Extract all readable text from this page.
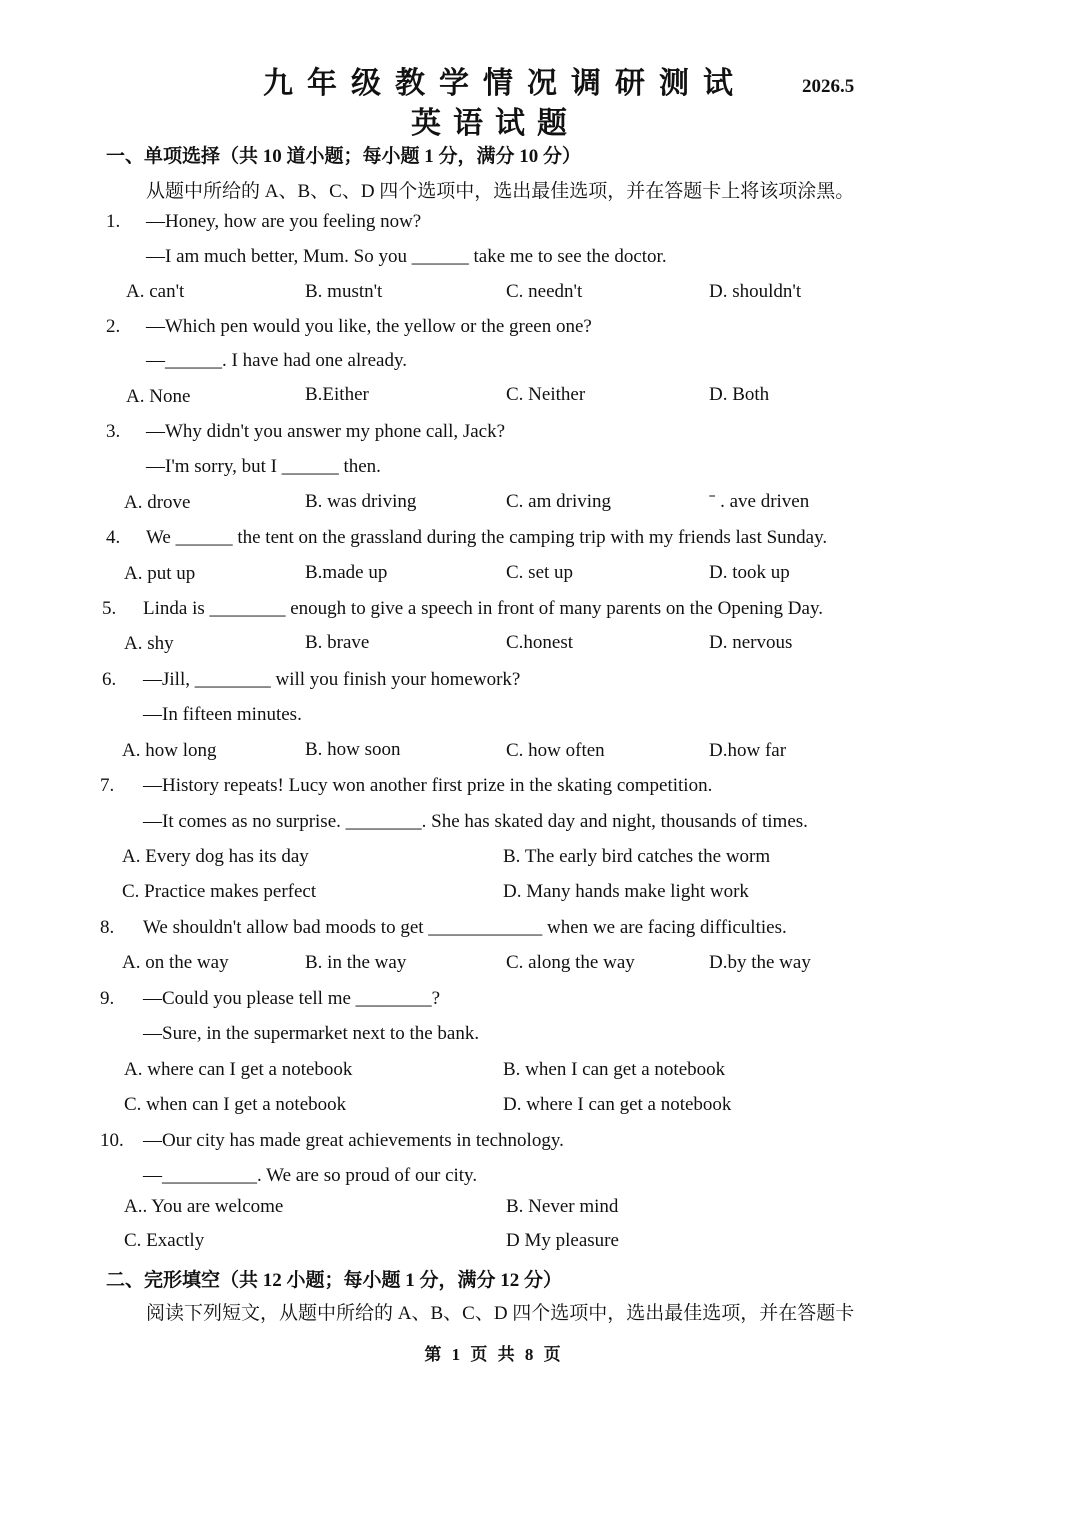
九年级教学情况调研测试
英语试题
2026.5
一、单项选择（共 10 道小题；每小题 1 分，满分 10 分）
从题中所给的 A、B、C、D 四个选项中，选出最佳选项，并在答题卡上将该项涂黑。
1. —Honey, how are you feeling now?
—I am much better, Mum. So you ______ take me to see the doctor.
A. can't	B. mustn't	C. needn't	D. shouldn't
2. —Which pen would you like, the yellow or the green one?
—______. I have had one already.
A. None	B.Either	C. Neither	D. Both
3. —Why didn't you answer my phone call, Jack?
—I'm sorry, but I ______ then.
A. drove	B. was driving	C. am driving	ˉ . ave driven
4. We ______ the tent on the grassland during the camping trip with my friends last Sunday.
A. put up	B.made up	C. set up	D. took up
5. Linda is ________ enough to give a speech in front of many parents on the Opening Day.
A. shy	B. brave	C.honest	D. nervous
6. —Jill, ________ will you finish your homework?
—In fifteen minutes.
A. how long	B. how soon	C. how often	D.how far
7. —History repeats! Lucy won another first prize in the skating competition.
—It comes as no surprise. ________. She has skated day and night, thousands of times.
A. Every dog has its day	B. The early bird catches the worm
C. Practice makes perfect	D. Many hands make light work
8. We shouldn't allow bad moods to get ____________ when we are facing difficulties.
A. on the way	B. in the way	C. along the way	D.by the way
9. —Could you please tell me ________?
—Sure, in the supermarket next to the bank.
A. where can I get a notebook	B. when I can get a notebook
C. when can I get a notebook	D. where I can get a notebook
10. —Our city has made great achievements in technology.
—__________. We are so proud of our city.
A.. You are welcome	B. Never mind
C. Exactly	D My pleasure
二、完形填空（共 12 小题；每小题 1 分，满分 12 分）
阅读下列短文，从题中所给的 A、B、C、D 四个选项中，选出最佳选项，并在答题卡
第 1 页 共 8 页
